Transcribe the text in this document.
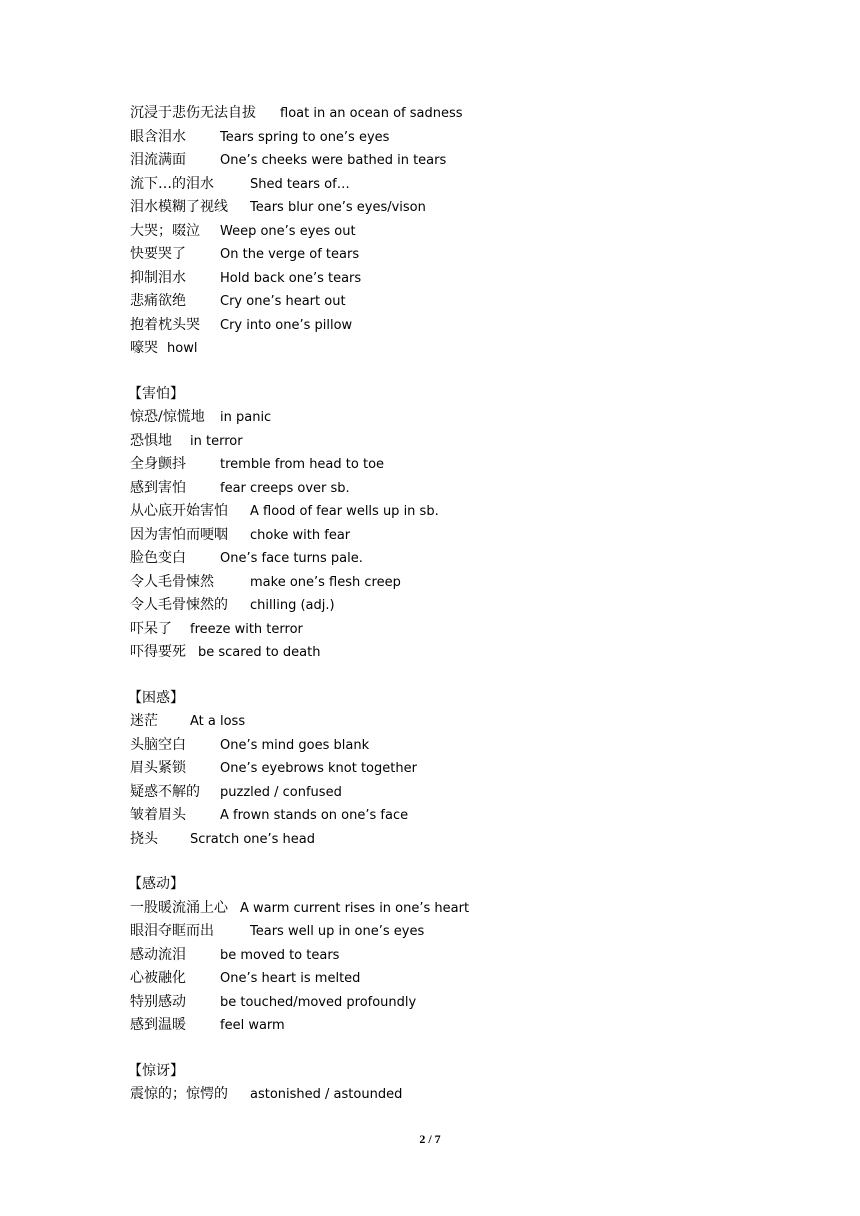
沉浸于悲伤无法自拔	float in an ocean of sadness
眼含泪水	Tears spring to one’s eyes
泪流满面	One’s cheeks were bathed in tears
流下…的泪水	Shed tears of…
泪水模糊了视线	Tears blur one’s eyes/vison
大哭；啜泣	Weep one’s eyes out
快要哭了	On the verge of tears
抑制泪水	Hold back one’s tears
悲痛欲绝	Cry one’s heart out
抱着枕头哭	Cry into one’s pillow
嚎哭 howl
【害怕】
惊恐/惊慌地	in panic
恐惧地	in terror
全身颤抖	tremble from head to toe
感到害怕	fear creeps over sb.
从心底开始害怕	A flood of fear wells up in sb.
因为害怕而哽咽	choke with fear
脸色变白	One’s face turns pale.
令人毛骨悚然	make one’s flesh creep
令人毛骨悚然的	chilling (adj.)
吓呆了	freeze with terror
吓得要死 be scared to death
【困惑】
迷茫	At a loss
头脑空白	One’s mind goes blank
眉头紧锁	One’s eyebrows knot together
疑惑不解的	puzzled / confused
皱着眉头	A frown stands on one’s face
挠头	Scratch one’s head
【感动】
一股暖流涌上心 A warm current rises in one’s heart
眼泪夺眶而出	Tears well up in one’s eyes
感动流泪	be moved to tears
心被融化	One’s heart is melted
特别感动	be touched/moved profoundly
感到温暖	feel warm
【惊讶】
震惊的；惊愕的	astonished / astounded
2 / 7
